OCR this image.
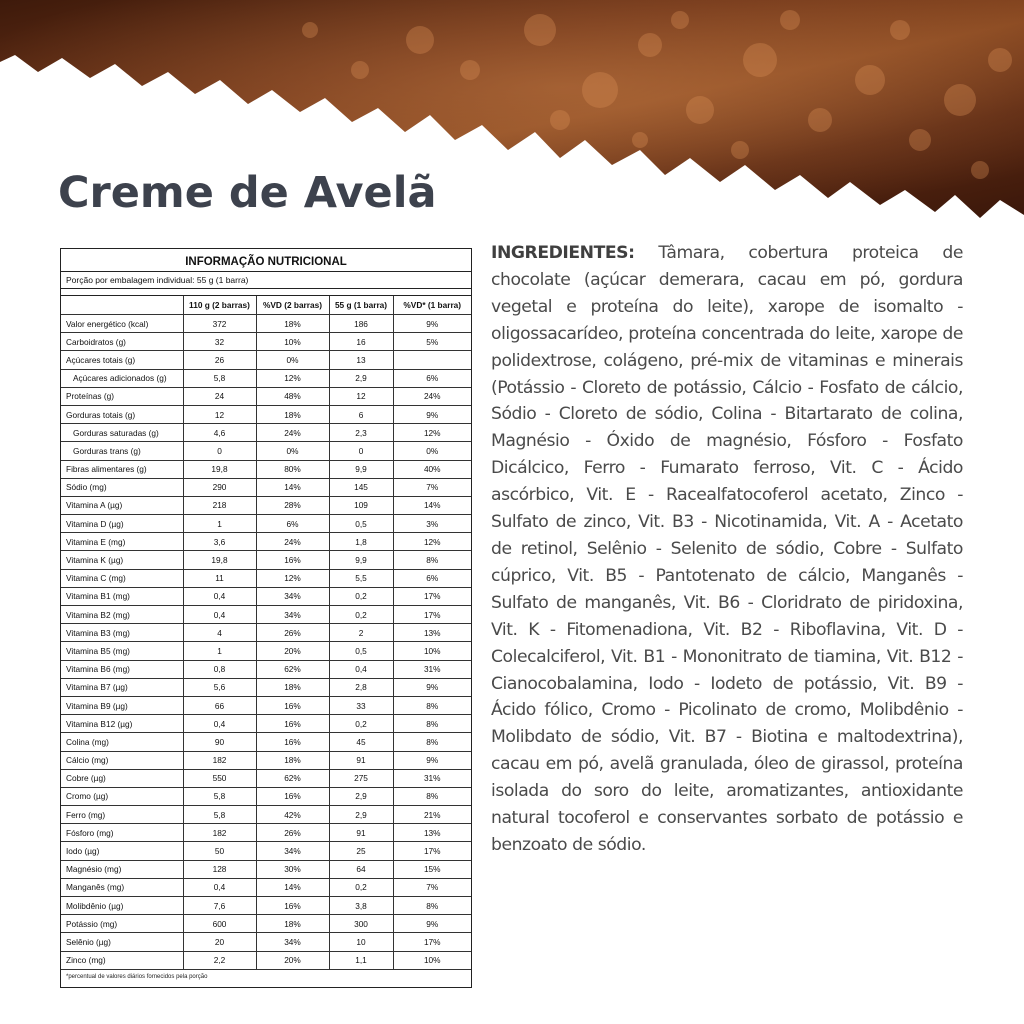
Creme de Avelã
INFORMAÇÃO NUTRICIONAL
Porção por embalagem individual: 55 g (1 barra)
	110 g (2 barras)	%VD (2 barras)	55 g (1 barra)	%VD* (1 barra)
Valor energético (kcal)	372	18%	186	9%
Carboidratos (g)	32	10%	16	5%
Açúcares totais (g)	26	0%	13	
Açúcares adicionados (g)	5,8	12%	2,9	6%
Proteínas (g)	24	48%	12	24%
Gorduras totais (g)	12	18%	6	9%
Gorduras saturadas (g)	4,6	24%	2,3	12%
Gorduras trans (g)	0	0%	0	0%
Fibras alimentares (g)	19,8	80%	9,9	40%
Sódio (mg)	290	14%	145	7%
Vitamina A (µg)	218	28%	109	14%
Vitamina D (µg)	1	6%	0,5	3%
Vitamina E (mg)	3,6	24%	1,8	12%
Vitamina K (µg)	19,8	16%	9,9	8%
Vitamina C (mg)	11	12%	5,5	6%
Vitamina B1 (mg)	0,4	34%	0,2	17%
Vitamina B2 (mg)	0,4	34%	0,2	17%
Vitamina B3 (mg)	4	26%	2	13%
Vitamina B5 (mg)	1	20%	0,5	10%
Vitamina B6 (mg)	0,8	62%	0,4	31%
Vitamina B7 (µg)	5,6	18%	2,8	9%
Vitamina B9 (µg)	66	16%	33	8%
Vitamina B12 (µg)	0,4	16%	0,2	8%
Colina (mg)	90	16%	45	8%
Cálcio (mg)	182	18%	91	9%
Cobre (µg)	550	62%	275	31%
Cromo (µg)	5,8	16%	2,9	8%
Ferro (mg)	5,8	42%	2,9	21%
Fósforo (mg)	182	26%	91	13%
Iodo (µg)	50	34%	25	17%
Magnésio (mg)	128	30%	64	15%
Manganês (mg)	0,4	14%	0,2	7%
Molibdênio (µg)	7,6	16%	3,8	8%
Potássio (mg)	600	18%	300	9%
Selênio (µg)	20	34%	10	17%
Zinco (mg)	2,2	20%	1,1	10%
*percentual de valores diários fornecidos pela porção

INGREDIENTES: Tâmara, cobertura proteica de chocolate (açúcar demerara, cacau em pó, gordura vegetal e proteína do leite), xarope de isomalto - oligossacarídeo, proteína concentrada do leite, xarope de polidextrose, colágeno, pré-mix de vitaminas e minerais (Potássio - Cloreto de potássio, Cálcio - Fosfato de cálcio, Sódio - Cloreto de sódio, Colina - Bitartarato de colina, Magnésio - Óxido de magnésio, Fósforo - Fosfato Dicálcico, Ferro - Fumarato ferroso, Vit. C - Ácido ascórbico, Vit. E - Racealfatocoferol acetato, Zinco - Sulfato de zinco, Vit. B3 - Nicotinamida, Vit. A - Acetato de retinol, Selênio - Selenito de sódio, Cobre - Sulfato cúprico, Vit. B5 - Pantotenato de cálcio, Manganês - Sulfato de manganês, Vit. B6 - Cloridrato de piridoxina, Vit. K - Fitomenadiona, Vit. B2 - Riboflavina, Vit. D - Colecalciferol, Vit. B1 - Mononitrato de tiamina, Vit. B12 - Cianocobalamina, Iodo - Iodeto de potássio, Vit. B9 - Ácido fólico, Cromo - Picolinato de cromo, Molibdênio - Molibdato de sódio, Vit. B7 - Biotina e maltodextrina), cacau em pó, avelã granulada, óleo de girassol, proteína isolada do soro do leite, aromatizantes, antioxidante natural tocoferol e conservantes sorbato de potássio e benzoato de sódio.
